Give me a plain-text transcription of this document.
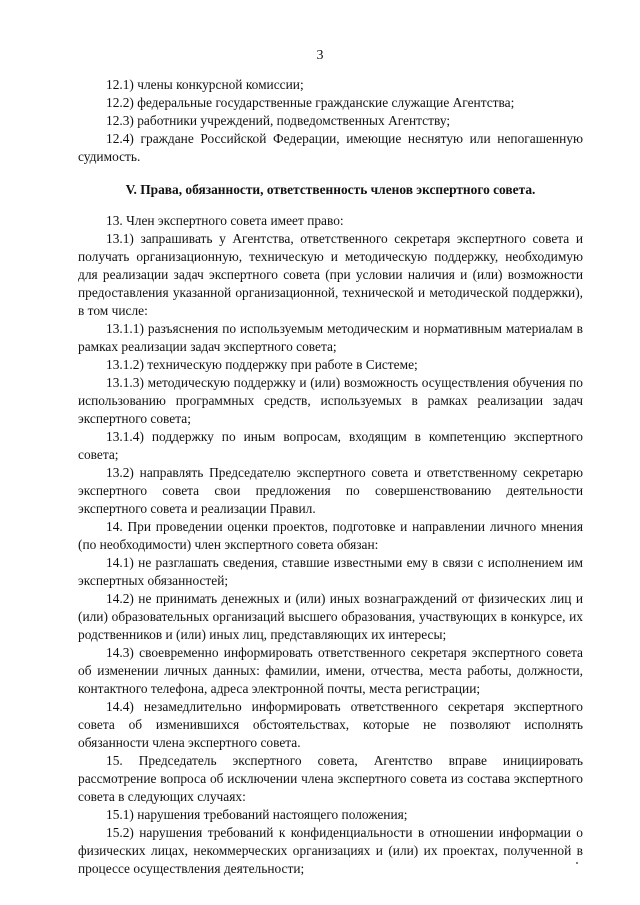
3

12.1) члены конкурсной комиссии;

12.2) федеральные государственные гражданские служащие Агентства;

12.3) работники учреждений, подведомственных Агентству;

12.4) граждане Российской Федерации, имеющие неснятую или непогашенную судимость.

V. Права, обязанности, ответственность членов экспертного совета.

13. Член экспертного совета имеет право:

13.1) запрашивать у Агентства, ответственного секретаря экспертного совета и получать организационную, техническую и методическую поддержку, необходимую для реализации задач экспертного совета (при условии наличия и (или) возможности предоставления указанной организационной, технической и методической поддержки), в том числе:

13.1.1) разъяснения по используемым методическим и нормативным материалам в рамках реализации задач экспертного совета;

13.1.2) техническую поддержку при работе в Системе;

13.1.3) методическую поддержку и (или) возможность осуществления обучения по использованию программных средств, используемых в рамках реализации задач экспертного совета;

13.1.4) поддержку по иным вопросам, входящим в компетенцию экспертного совета;

13.2) направлять Председателю экспертного совета и ответственному секретарю экспертного совета свои предложения по совершенствованию деятельности экспертного совета и реализации Правил.

14. При проведении оценки проектов, подготовке и направлении личного мнения (по необходимости) член экспертного совета обязан:

14.1) не разглашать сведения, ставшие известными ему в связи с исполнением им экспертных обязанностей;

14.2) не принимать денежных и (или) иных вознаграждений от физических лиц и (или) образовательных организаций высшего образования, участвующих в конкурсе, их родственников и (или) иных лиц, представляющих их интересы;

14.3) своевременно информировать ответственного секретаря экспертного совета об изменении личных данных: фамилии, имени, отчества, места работы, должности, контактного телефона, адреса электронной почты, места регистрации;

14.4) незамедлительно информировать ответственного секретаря экспертного совета об изменившихся обстоятельствах, которые не позволяют исполнять обязанности члена экспертного совета.

15. Председатель экспертного совета, Агентство вправе инициировать рассмотрение вопроса об исключении члена экспертного совета из состава экспертного совета в следующих случаях:

15.1) нарушения требований настоящего положения;

15.2) нарушения требований к конфиденциальности в отношении информации о физических лицах, некоммерческих организациях и (или) их проектах, полученной в процессе осуществления деятельности;
